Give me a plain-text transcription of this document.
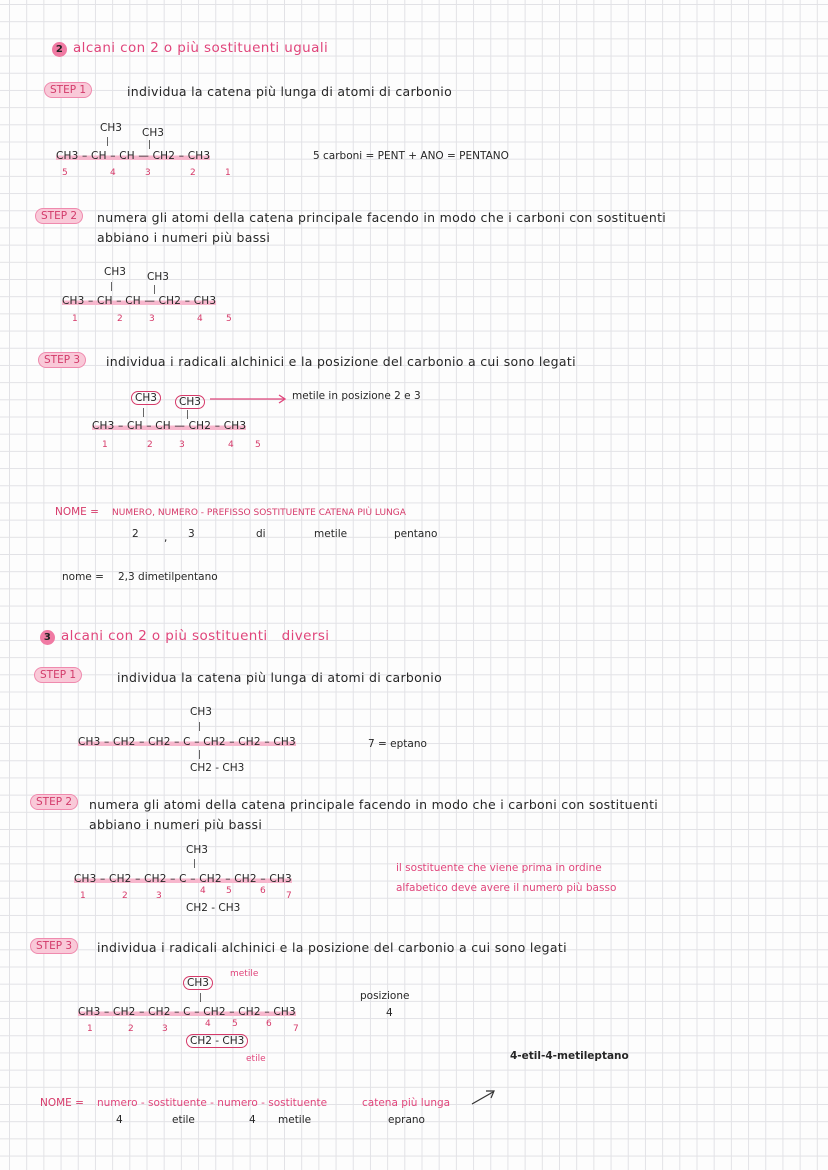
2 alcani con 2 o più sostituenti uguali
STEP 1	individua la catena più lunga di atomi di carbonio
CH3 CH3
|	|
CH3 – CH – CH — CH2 – CH3
5	4	3	2	1
5 carboni = PENT + ANO = PENTANO
STEP 2	numera gli atomi della catena principale facendo in modo che i carboni con sostituenti
abbiano i numeri più bassi
CH3 CH3
|	|
CH3 – CH – CH — CH2 – CH3
1	2	3	4	5
STEP 3	individua i radicali alchinici e la posizione del carbonio a cui sono legati
CH3	CH3	metile in posizione 2 e 3
|	|
CH3 – CH – CH — CH2 – CH3
1	2	3	4 5
NOME = NUMERO, NUMERO - PREFISSO SOSTITUENTE CATENA PIÙ LUNGA
2 , 3	di	metile	pentano
nome = 2,3 dimetilpentano
3 alcani con 2 o più sostituenti diversi
STEP 1	individua la catena più lunga di atomi di carbonio
CH3
|
CH3 – CH2 – CH2 – C – CH2 – CH2 – CH3
|
CH2 - CH3
7 = eptano
STEP 2	numera gli atomi della catena principale facendo in modo che i carboni con sostituenti
abbiano i numeri più bassi
CH3
|
CH3 – CH2 – CH2 – C – CH2 – CH2 – CH3
1	2	3	4 5	6 7
CH2 - CH3
il sostituente che viene prima in ordine
alfabetico deve avere il numero più basso
STEP 3	individua i radicali alchinici e la posizione del carbonio a cui sono legati
CH3
metile
|
CH3 – CH2 – CH2 – C – CH2 – CH2 – CH3
1	2	3	4 5	6 7
CH2 - CH3
etile
posizione
4
4-etil-4-metileptano
NOME = numero - sostituente - numero - sostituente	catena più lunga
4	etile	4 metile	eprano
